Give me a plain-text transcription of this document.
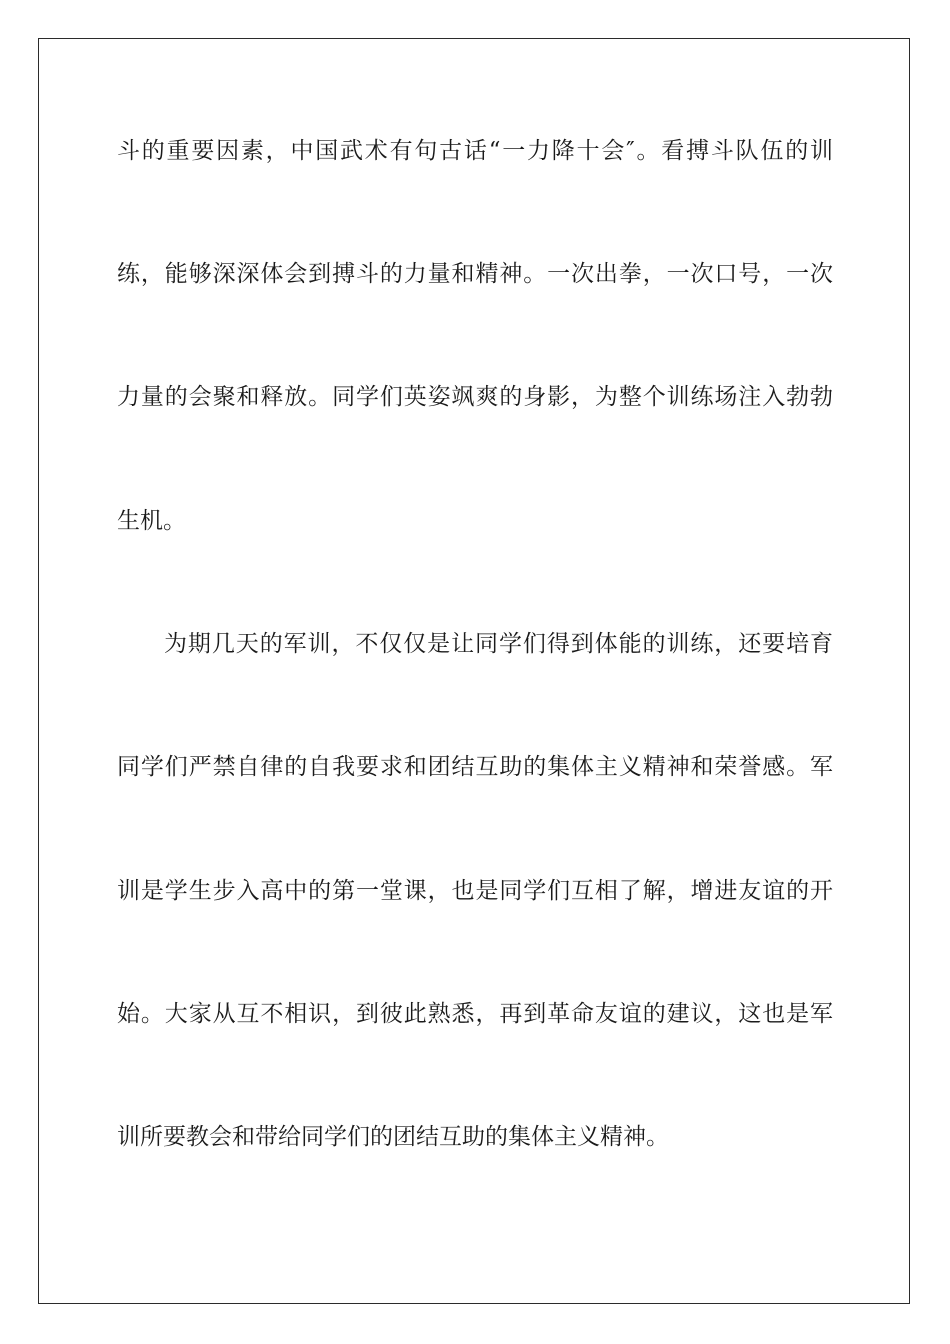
斗的重要因素，中国武术有句古话“一力降十会″。看搏斗队伍的训
练，能够深深体会到搏斗的力量和精神。一次出拳，一次口号，一次
力量的会聚和释放。同学们英姿飒爽的身影，为整个训练场注入勃勃
生机。
为期几天的军训，不仅仅是让同学们得到体能的训练，还要培育
同学们严禁自律的自我要求和团结互助的集体主义精神和荣誉感。军
训是学生步入高中的第一堂课，也是同学们互相了解，增进友谊的开
始。大家从互不相识，到彼此熟悉，再到革命友谊的建议，这也是军
训所要教会和带给同学们的团结互助的集体主义精神。
